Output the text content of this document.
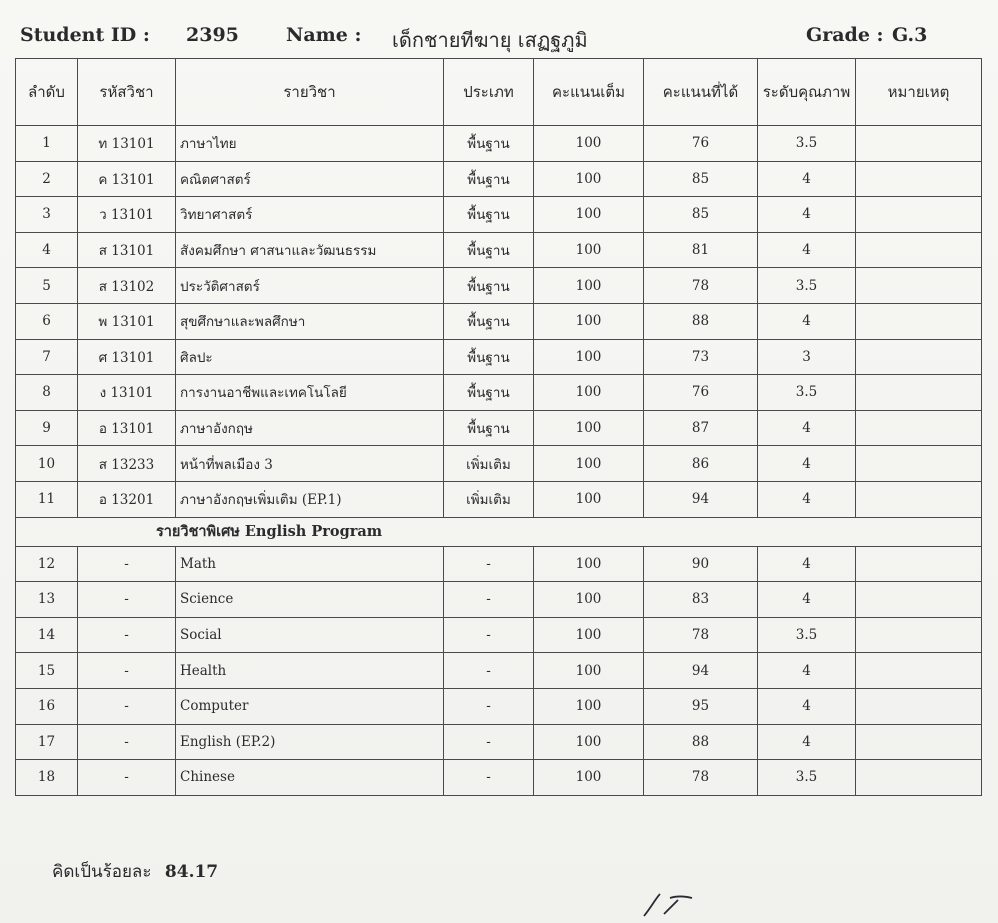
Student ID : 2395 Name : เด็กชายทีฆายุ เสฏฐภูมิ	Grade : G.3
ลำดับ	รหัสวิชา	รายวิชา	ประเภท	คะแนนเต็ม	คะแนนที่ได้	ระดับคุณภาพ	หมายเหตุ
1	ท 13101	ภาษาไทย	พื้นฐาน	100	76	3.5	
2	ค 13101	คณิตศาสตร์	พื้นฐาน	100	85	4	
3	ว 13101	วิทยาศาสตร์	พื้นฐาน	100	85	4	
4	ส 13101	สังคมศึกษา ศาสนาและวัฒนธรรม	พื้นฐาน	100	81	4	
5	ส 13102	ประวัติศาสตร์	พื้นฐาน	100	78	3.5	
6	พ 13101	สุขศึกษาและพลศึกษา	พื้นฐาน	100	88	4	
7	ศ 13101	ศิลปะ	พื้นฐาน	100	73	3	
8	ง 13101	การงานอาชีพและเทคโนโลยี	พื้นฐาน	100	76	3.5	
9	อ 13101	ภาษาอังกฤษ	พื้นฐาน	100	87	4	
10	ส 13233	หน้าที่พลเมือง 3	เพิ่มเติม	100	86	4	
11	อ 13201	ภาษาอังกฤษเพิ่มเติม (EP.1)	เพิ่มเติม	100	94	4	
รายวิชาพิเศษ English Program							
12	-	Math	-	100	90	4	
13	-	Science	-	100	83	4	
14	-	Social	-	100	78	3.5	
15	-	Health	-	100	94	4	
16	-	Computer	-	100	95	4	
17	-	English (EP.2)	-	100	88	4	
18	-	Chinese	-	100	78	3.5	
คิดเป็นร้อยละ 84.17
